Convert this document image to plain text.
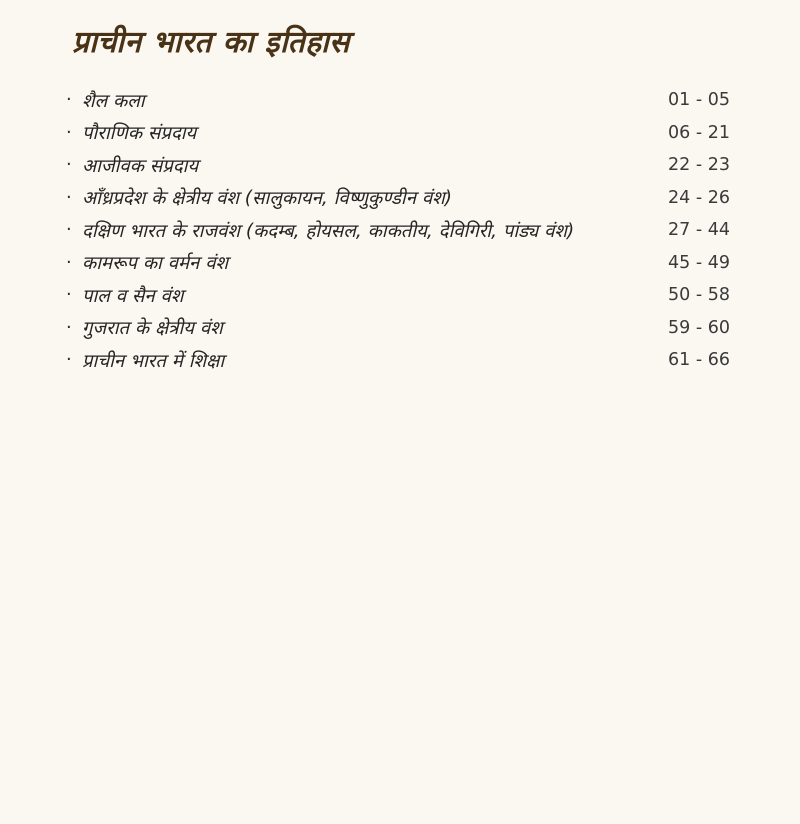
प्राचीन भारत का इतिहास
· शैल कला	01 - 05
· पौराणिक संप्रदाय	06 - 21
· आजीवक संप्रदाय	22 - 23
· आँध्रप्रदेश के क्षेत्रीय वंश (सालुकायन, विष्णुकुण्डीन वंश)	24 - 26
· दक्षिण भारत के राजवंश (कदम्ब, होयसल, काकतीय, देविगिरी, पांड्य वंश)	27 - 44
· कामरूप का वर्मन वंश	45 - 49
· पाल व सैन वंश	50 - 58
· गुजरात के क्षेत्रीय वंश	59 - 60
· प्राचीन भारत में शिक्षा	61 - 66
